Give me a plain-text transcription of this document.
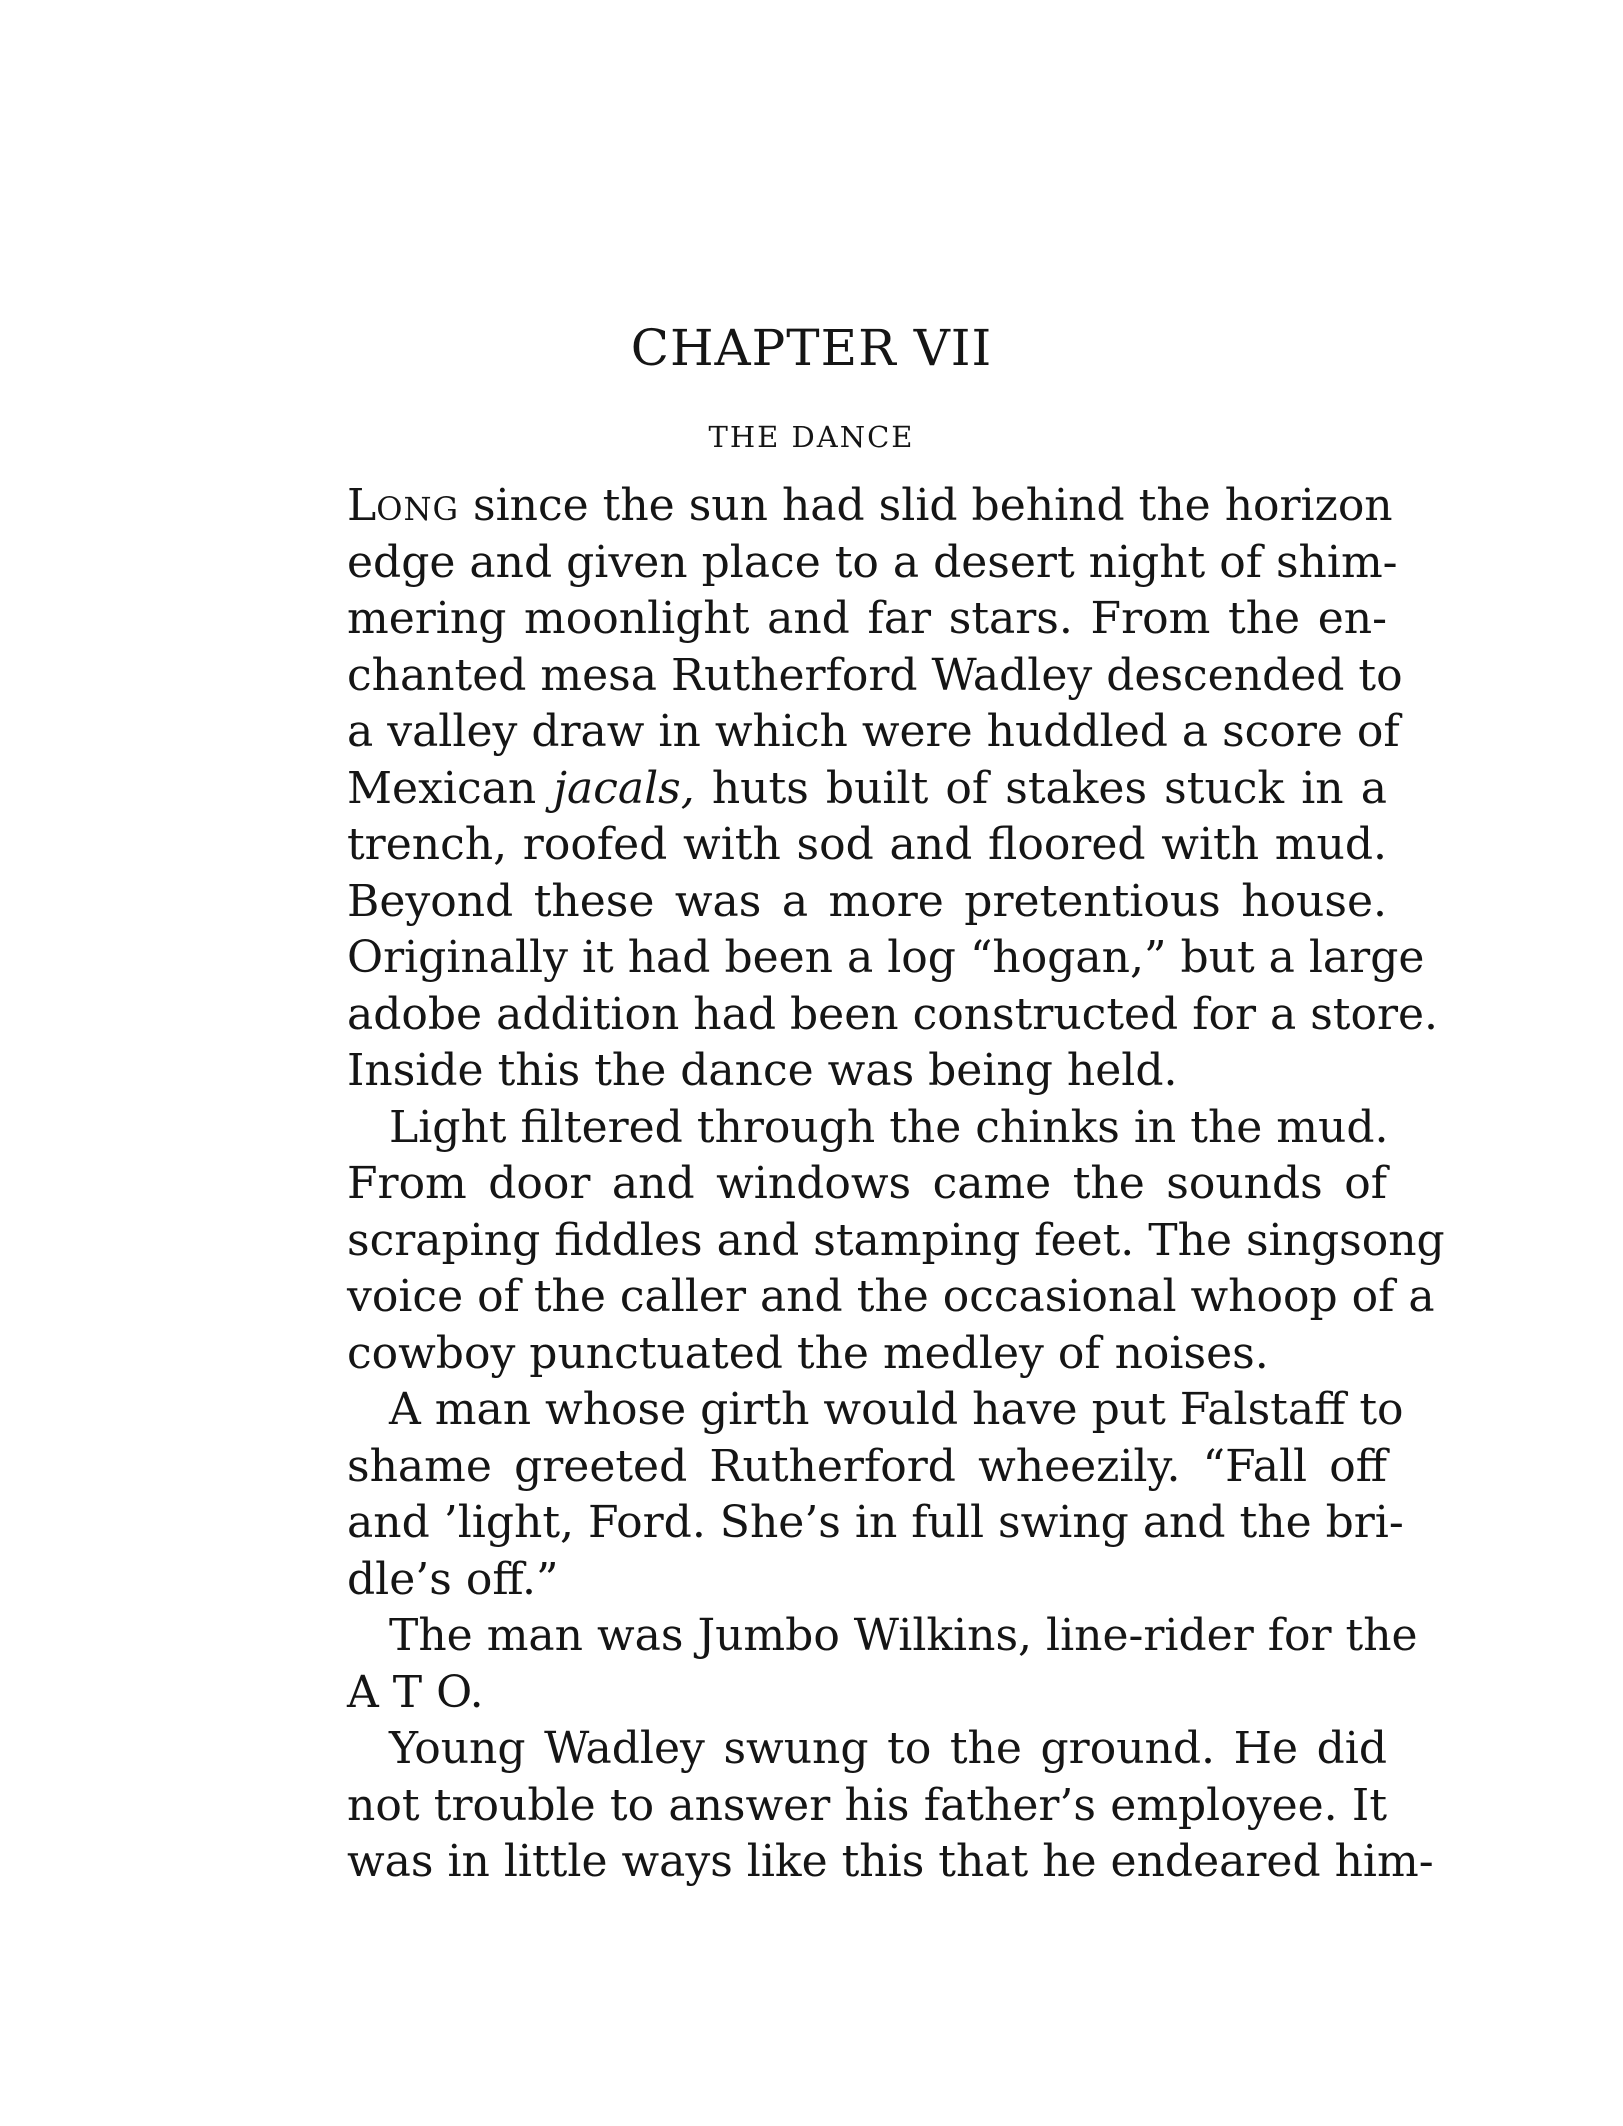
CHAPTER VII
THE DANCE
LONG since the sun had slid behind the horizon
edge and given place to a desert night of shim-
mering moonlight and far stars. From the en-
chanted mesa Rutherford Wadley descended to
a valley draw in which were huddled a score of
Mexican jacals, huts built of stakes stuck in a
trench, roofed with sod and floored with mud.
Beyond these was a more pretentious house.
Originally it had been a log “hogan,” but a large
adobe addition had been constructed for a store.
Inside this the dance was being held.
Light filtered through the chinks in the mud.
From door and windows came the sounds of
scraping fiddles and stamping feet. The singsong
voice of the caller and the occasional whoop of a
cowboy punctuated the medley of noises.
A man whose girth would have put Falstaff to
shame greeted Rutherford wheezily. “Fall off
and ’light, Ford. She’s in full swing and the bri-
dle’s off.”
The man was Jumbo Wilkins, line-rider for the
A T O.
Young Wadley swung to the ground. He did
not trouble to answer his father’s employee. It
was in little ways like this that he endeared him-
